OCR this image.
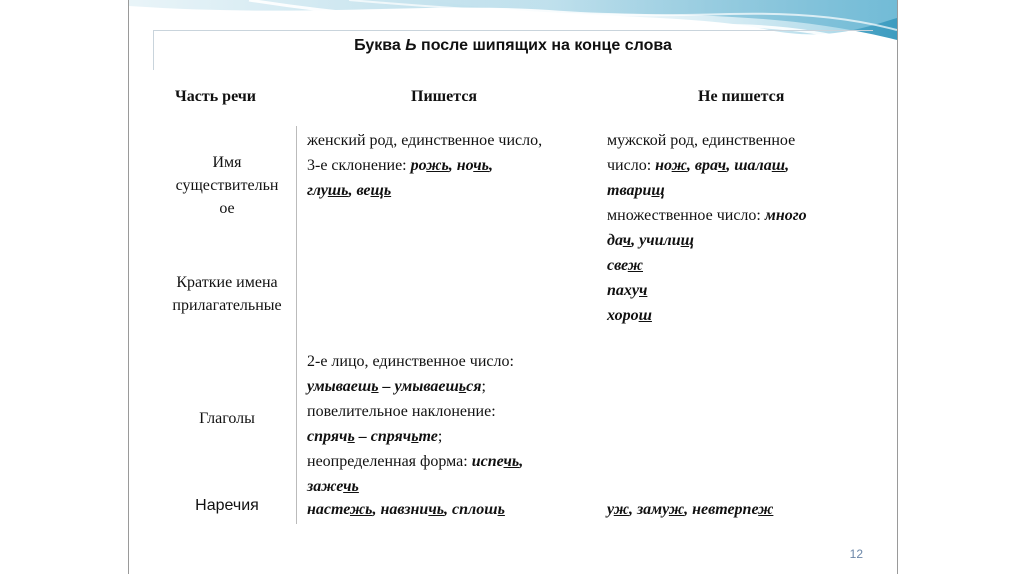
Буква Ь после шипящих на конце слова
Часть речи	Пишется	Не пишется
Имя
существительн
ое
Краткие имена
прилагательные
Глаголы
Наречия
женский род, единственное число,
3-е склонение: рожь, ночь,
глушь, вещь
2-е лицо, единственное число:
умываешь – умываешься;
повелительное наклонение:
спрячь – спрячьте;
неопределенная форма: испечь,
зажечь
настежь, навзничь, сплошь
мужской род, единственное
число: нож, врач, шалаш,
тварищ
множественное число: много
дач, училищ
свеж
пахуч
хорош
уж, замуж, невтерпеж
12
